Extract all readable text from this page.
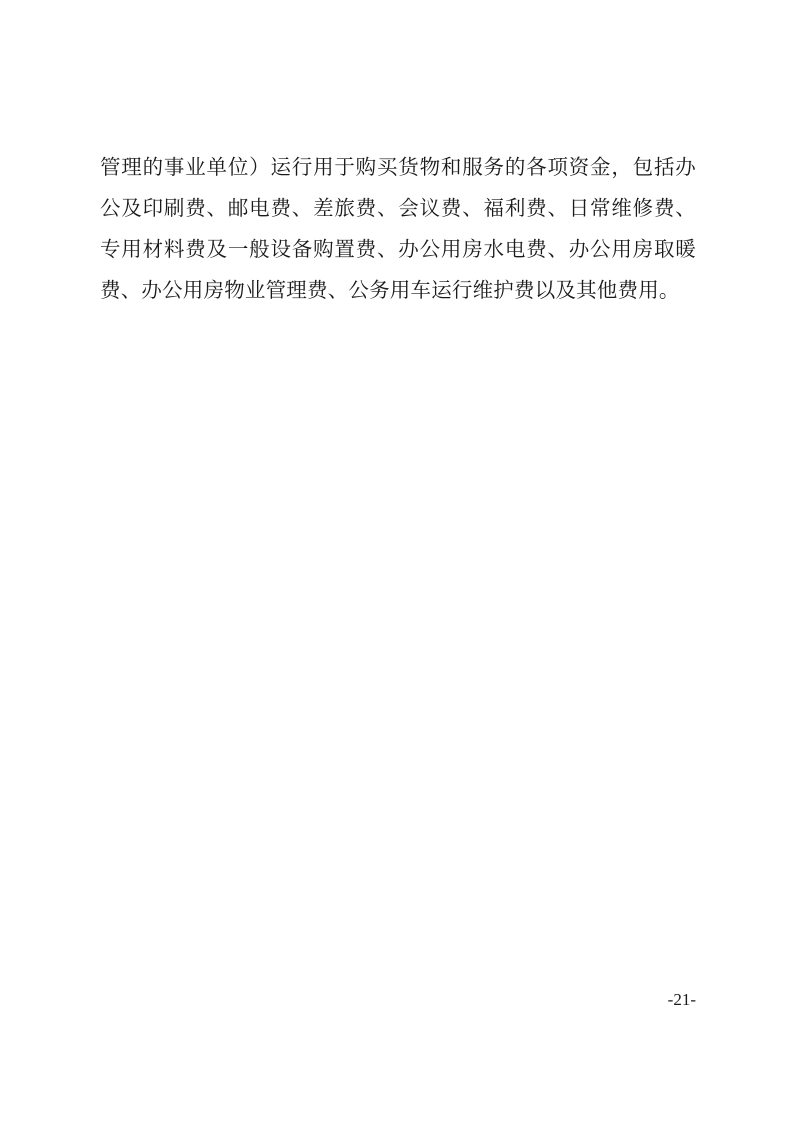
管理的事业单位）运行用于购买货物和服务的各项资金，包括办公及印刷费、邮电费、差旅费、会议费、福利费、日常维修费、专用材料费及一般设备购置费、办公用房水电费、办公用房取暖费、办公用房物业管理费、公务用车运行维护费以及其他费用。
-21-
